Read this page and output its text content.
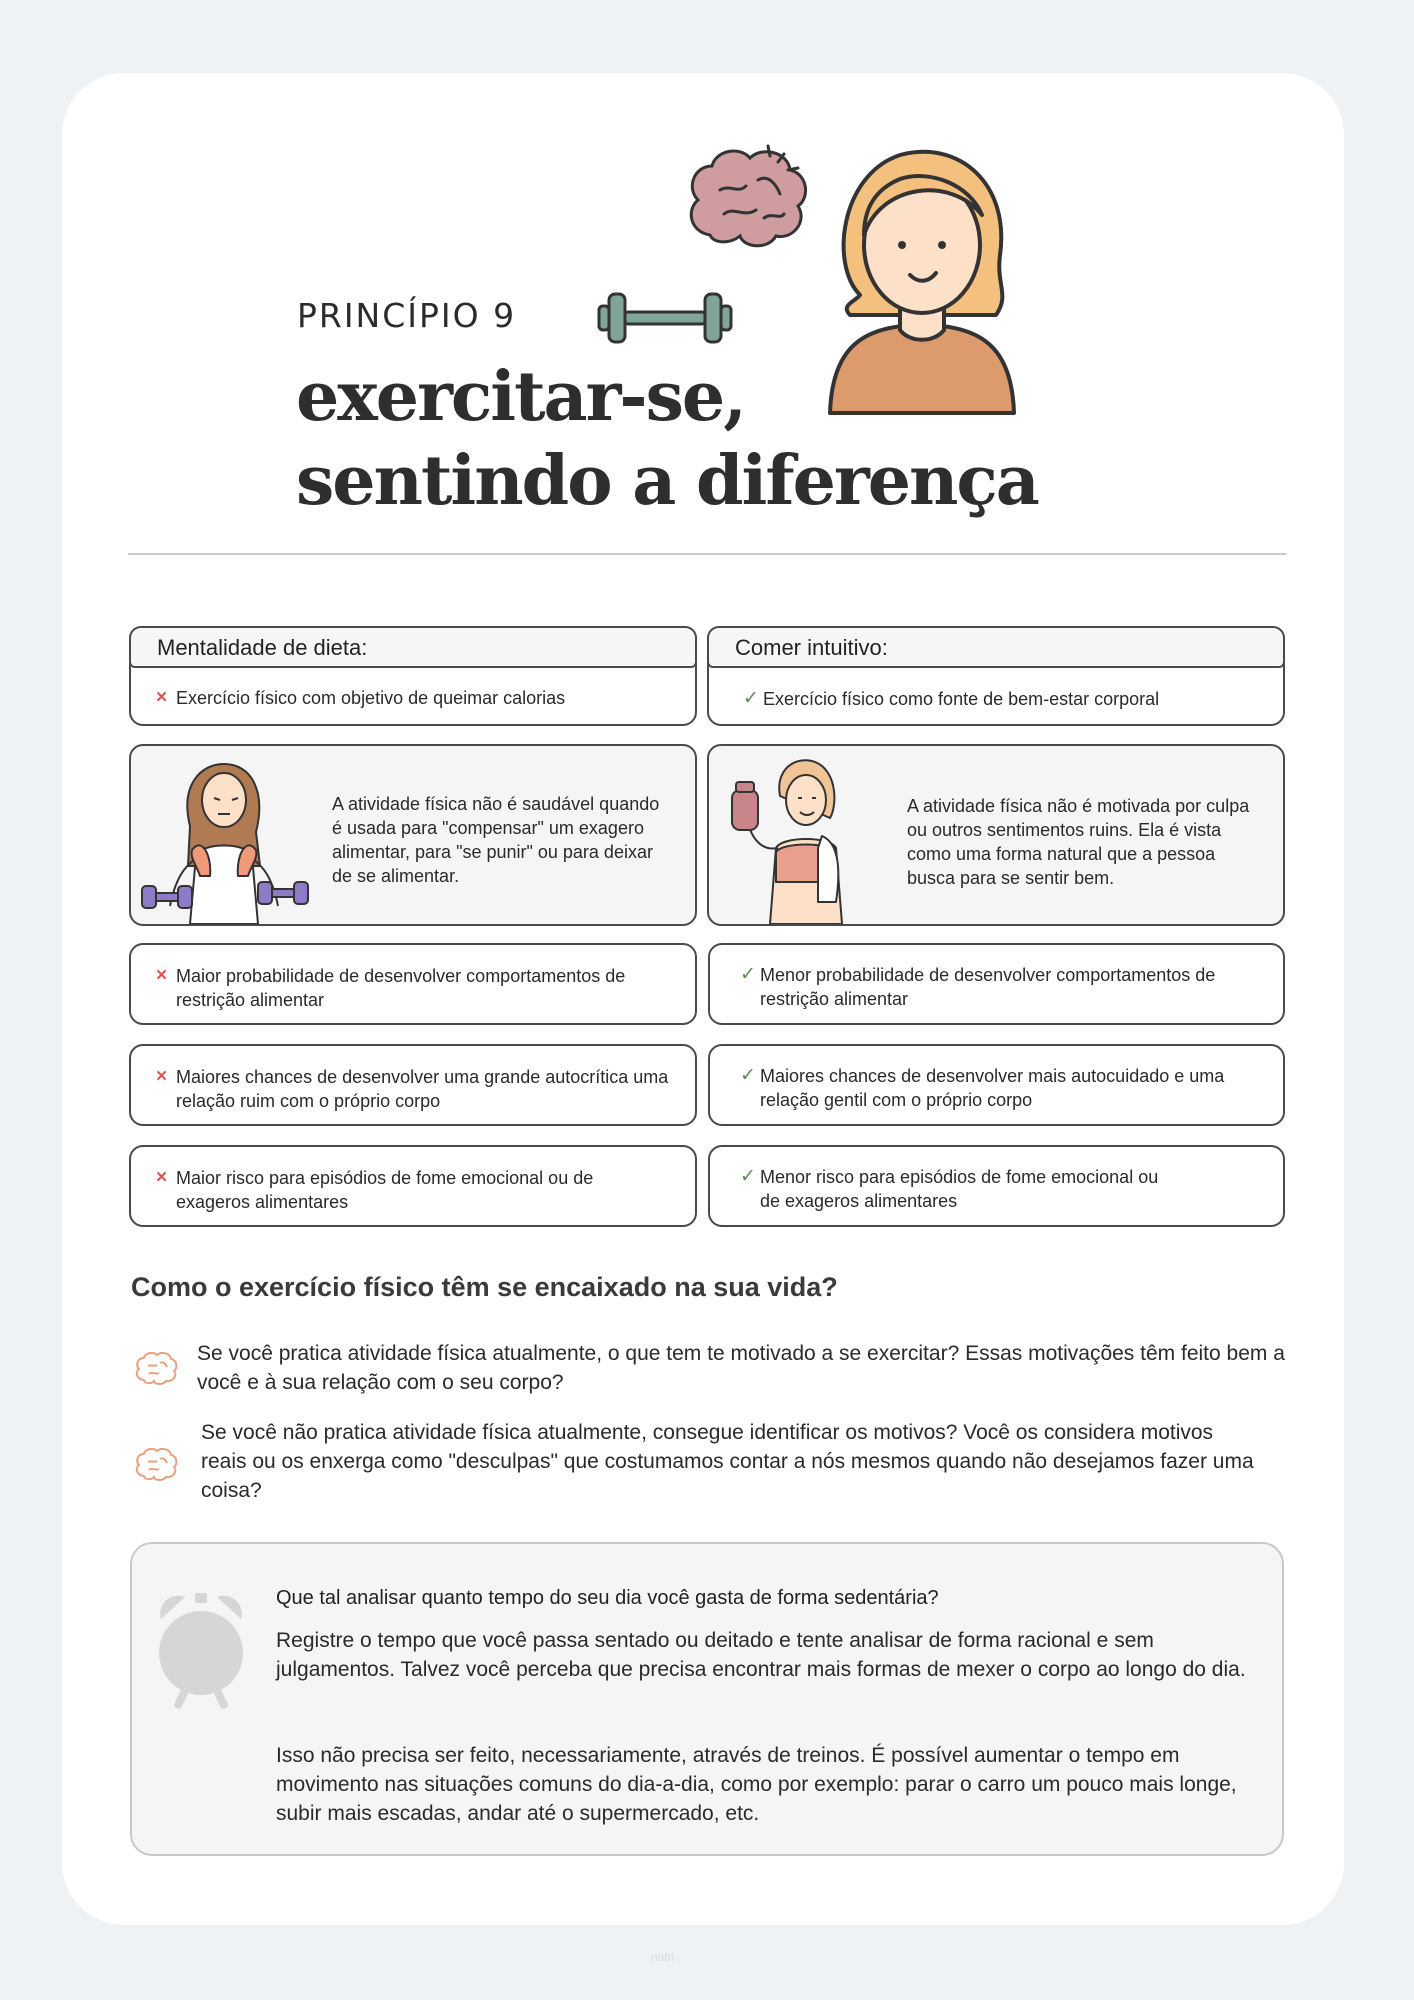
PRINCÍPIO 9
exercitar-se,
sentindo a diferença
Mentalidade de dieta:
× Exercício físico com objetivo de queimar calorias
A atividade física não é saudável quando é usada para "compensar" um exagero alimentar, para "se punir" ou para deixar de se alimentar.
× Maior probabilidade de desenvolver comportamentos de restrição alimentar
× Maiores chances de desenvolver uma grande autocrítica uma relação ruim com o próprio corpo
× Maior risco para episódios de fome emocional ou de exageros alimentares
Comer intuitivo:
✓ Exercício físico como fonte de bem-estar corporal
A atividade física não é motivada por culpa ou outros sentimentos ruins. Ela é vista como uma forma natural que a pessoa busca para se sentir bem.
✓ Menor probabilidade de desenvolver comportamentos de restrição alimentar
✓ Maiores chances de desenvolver mais autocuidado e uma relação gentil com o próprio corpo
✓ Menor risco para episódios de fome emocional ou de exageros alimentares
Como o exercício físico têm se encaixado na sua vida?
Se você pratica atividade física atualmente, o que tem te motivado a se exercitar? Essas motivações têm feito bem a você e à sua relação com o seu corpo?
Se você não pratica atividade física atualmente, consegue identificar os motivos? Você os considera motivos reais ou os enxerga como "desculpas" que costumamos contar a nós mesmos quando não desejamos fazer uma coisa?

Que tal analisar quanto tempo do seu dia você gasta de forma sedentária?

Registre o tempo que você passa sentado ou deitado e tente analisar de forma racional e sem julgamentos. Talvez você perceba que precisa encontrar mais formas de mexer o corpo ao longo do dia.

Isso não precisa ser feito, necessariamente, através de treinos. É possível aumentar o tempo em movimento nas situações comuns do dia-a-dia, como por exemplo: parar o carro um pouco mais longe, subir mais escadas, andar até o supermercado, etc.

nutri
